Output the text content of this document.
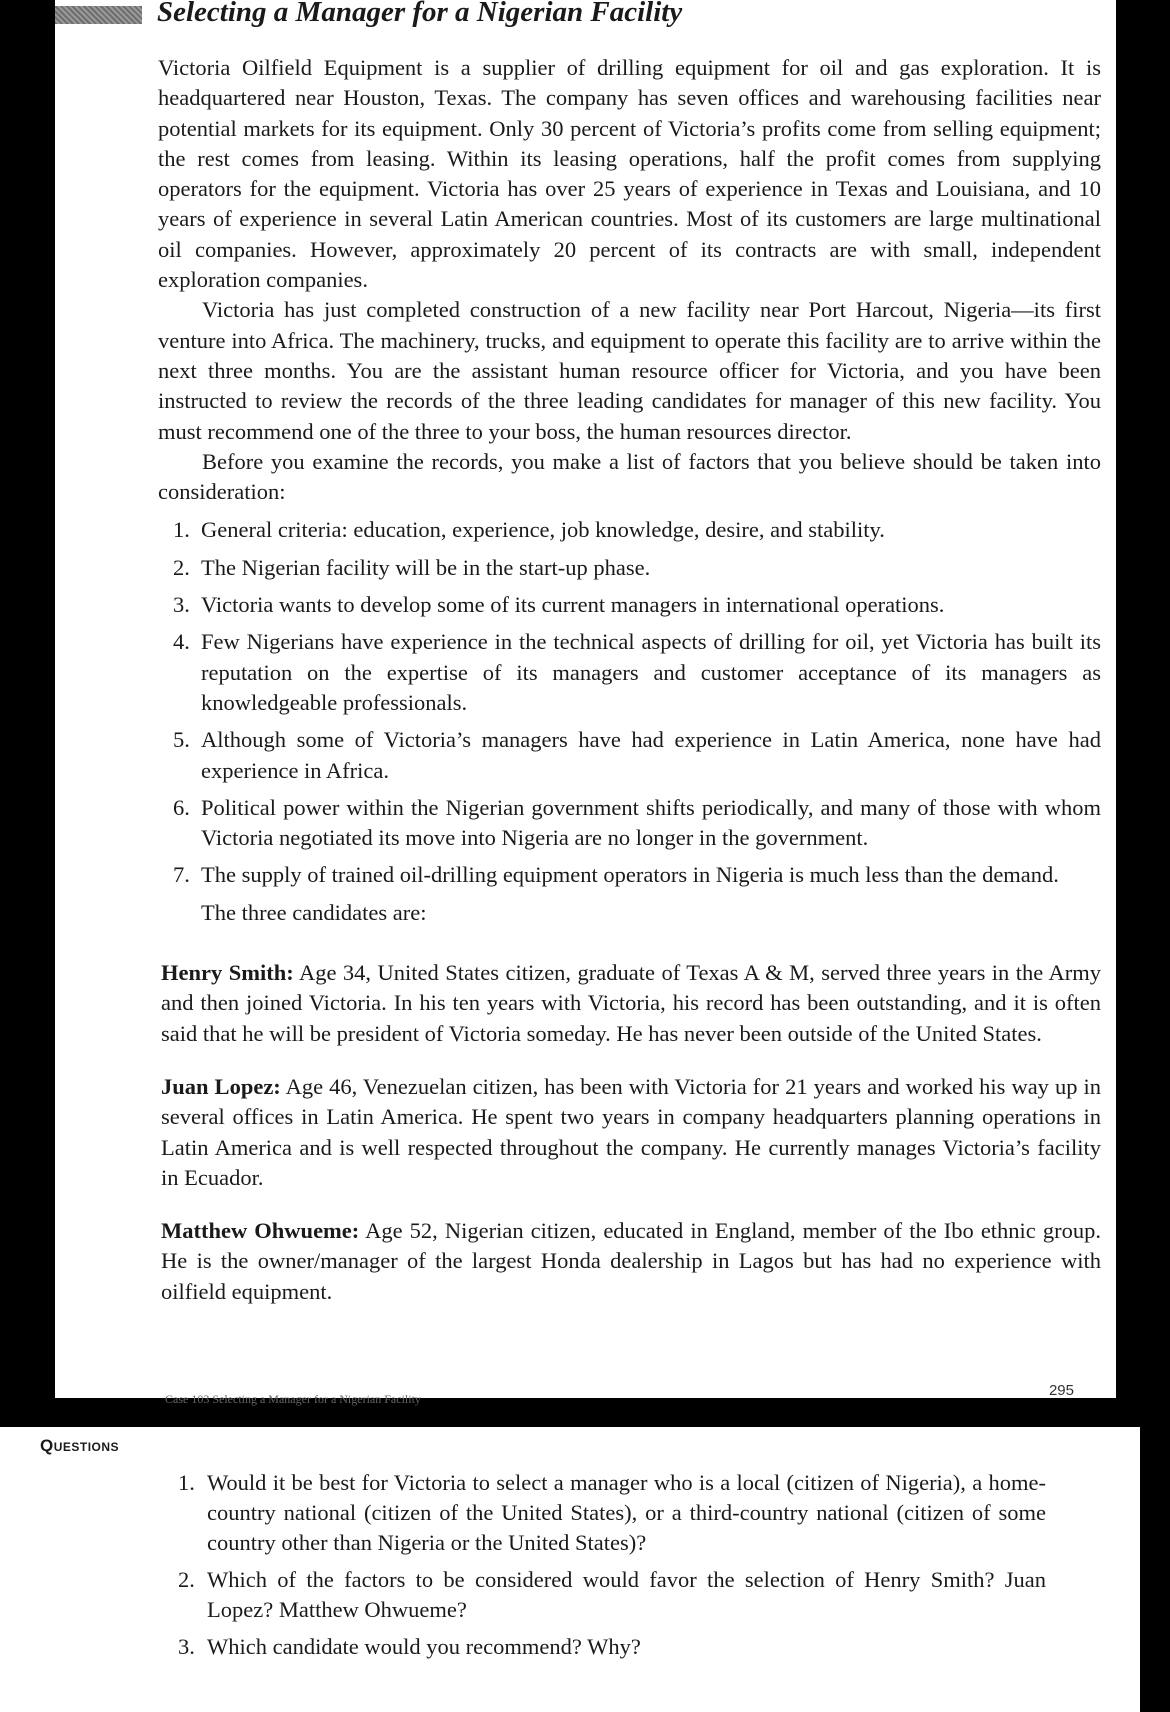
Selecting a Manager for a Nigerian Facility

Victoria Oilfield Equipment is a supplier of drilling equipment for oil and gas exploration. It is headquartered near Houston, Texas. The company has seven offices and warehousing facilities near potential markets for its equipment. Only 30 percent of Victoria’s profits come from selling equipment; the rest comes from leasing. Within its leasing operations, half the profit comes from supplying operators for the equipment. Victoria has over 25 years of experience in Texas and Louisiana, and 10 years of experience in several Latin American countries. Most of its customers are large multinational oil companies. However, approximately 20 percent of its contracts are with small, independent exploration companies.

Victoria has just completed construction of a new facility near Port Harcout, Nigeria—its first venture into Africa. The machinery, trucks, and equipment to operate this facility are to arrive within the next three months. You are the assistant human resource officer for Victoria, and you have been instructed to review the records of the three leading candidates for manager of this new facility. You must recommend one of the three to your boss, the human resources director.

Before you examine the records, you make a list of factors that you believe should be taken into consideration:

1. General criteria: education, experience, job knowledge, desire, and stability.
2. The Nigerian facility will be in the start-up phase.
3. Victoria wants to develop some of its current managers in international operations.
4. Few Nigerians have experience in the technical aspects of drilling for oil, yet Victoria has built its reputation on the expertise of its managers and customer acceptance of its managers as knowledgeable professionals.
5. Although some of Victoria’s managers have had experience in Latin America, none have had experience in Africa.
6. Political power within the Nigerian government shifts periodically, and many of those with whom Victoria negotiated its move into Nigeria are no longer in the government.
7. The supply of trained oil-drilling equipment operators in Nigeria is much less than the demand.

The three candidates are:

Henry Smith: Age 34, United States citizen, graduate of Texas A & M, served three years in the Army and then joined Victoria. In his ten years with Victoria, his record has been outstanding, and it is often said that he will be president of Victoria someday. He has never been outside of the United States.

Juan Lopez: Age 46, Venezuelan citizen, has been with Victoria for 21 years and worked his way up in several offices in Latin America. He spent two years in company headquarters planning operations in Latin America and is well respected throughout the company. He currently manages Victoria’s facility in Ecuador.

Matthew Ohwueme: Age 52, Nigerian citizen, educated in England, member of the Ibo ethnic group. He is the owner/manager of the largest Honda dealership in Lagos but has had no experience with oilfield equipment.

Case 103 Selecting a Manager for a Nigerian Facility	295
Questions
1. Would it be best for Victoria to select a manager who is a local (citizen of Nigeria), a home-country national (citizen of the United States), or a third-country national (citizen of some country other than Nigeria or the United States)?
2. Which of the factors to be considered would favor the selection of Henry Smith? Juan Lopez? Matthew Ohwueme?
3. Which candidate would you recommend? Why?
